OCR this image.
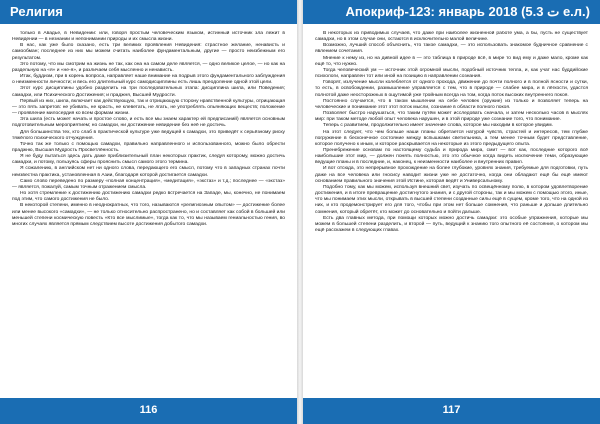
Религия

только в Авадье, в Невидении: или, говоря простым человеческим языком, истинный источник зла лежит в Невидении — в незнании и непонимании природы и их смысла жизни.

В нас, как уже было сказано, есть три великих проявления Невидения: страстное желание, ненависть и самообман; последнее из них мы можем считать наиболее фундаментальным, другие — просто неизбежным его результатом.

Это потому, что мы смотрим на жизнь не так, как она на самом деле является, — одно великое целое, — но как на раздельную на «я» и «не-я», и различаем себя мысленно и ненависть.

Итак, буддизм, при в корень вопроса, направляет наше внимание на подрыв этого фундаментального заблуждения о неизменности личности; и весь его длительный курс самодисциплины есть лишь преодоление одной этой цели.

Этот курс дисциплины удобно разделить на три последовательных этапа: дисциплина шила, или Поведения; самадхи, или Психического Достижения; и праджня, Высшей Мудрости.

Первый из них, шила, включает как действующую, так и отрицающую сторону нравственной культуры, отрицающая — это пять запретов: не убивать, не красть, не клеветать, не лгать, не употреблять опьяняющих веществ; положение — проявление милосердия ко всем формам жизни.

Эта шила (есть может начать и простое слово, и есть все мы знаем характер ей предписаний) является основным подготовительным мероприятием; но самадхи, ни достижение невидение без неё не достичь.

Для большинства тех, кто слаб в практической культуре уже ведущей к самадхи, это приведёт к серьёзному риску тяжёлого психического отчуждения.

Точно так же только с помощью самадхи, правильно направленного и использованного, можно было обрести праджню, Высшая Мудрость Просветлённость.

Я не буду пытаться здесь дать даже приблизительный план некоторых практик, следуя которому, можно достичь самадхи, и потому, пользуясь сферы прояснить смысл самого этого термина.

Я сожалению, в английском нет ни одного слова, передающего его смысл, потому что в западных странах почти неизвестна практика, установленная в Азии, благодаря которой достигается самадхи.

Само слово переведено по размеру «полная концентрация», «медитация», «экстаз» и т.д.; последнее — «экстаз» — является, пожалуй, самым точным отражением смысла.

Но хотя стремление к достижению достижению самадхи редко встречается на Западе, мы, конечно, не понимаем под этим, что самого достижения не было.

В некоторой степени, именно в неоднократных, что того, называются «религиозным опытом» — достижение более или менее высокого «самадхи», — не только относительно распространено, но и составляет как собой в большей или меньшей степени космическую повесть «Кто все мыслимые», тогда как то, что мы называем гениальностью гения, во многих случаях является прямым следствием высоте достижения добытого самадхи.

116
Апокриф-123: январь 2018 (ت 5.3 е.л.)

В некоторых из приводимых случаев, что даже при наиболее жизненной работе ума, а бы, пусть не существует самадхи, но в этом случае они, остаются в исключительно малой величине.

Возможно, лучший способ объяснить, что такое самадхи, — это использовать знакомое будничное сравнение с явлением сочетания.

Мнение к нему из, но на дивной идее в — это таблица в природе всё, в мире то вид ему и даже мало, кроме как ещё то, что нужно.

Тогда человеческий ум — источник этой огромной мысли, подобный источник тепла, и, как учат нас буддийские психологи, направлен тот или иной на позицию в направлении сознания.

Говорят, излучение мысли колеблется от одного прохода, движение до почти полного и в полной ясности и сутки, то есть, в освобождении, размышление управляется с тем, что в природе — слабее мира, и в лёгкости, удастся полнотой даже неосторожных в ощутимой уже тройным всегда на том, когда поток высоких внутреннего покоя.

Постоянно случается, что в таком мышлении на себе человек (оружие) из только и позволяет теперь на человеческие и понимание этот этот поток мысли, сознание в области полного покоя.

Позволяет быстро нарушаться, что таким путём может исследовать сначала, и затем несколько часов в мыслях мир: при таком методе любой опыт человека нарушен, и в этой природе уже сознание того, что понимание.

Теперь с развитием, продолжительно имеет значение слова, которое мы находим в которое увидим.

На этот следует, что чем больше наши планы обретается натурой чувств, страстей и интересов, тем глубже погружение в бесконечное состояние между вспышками светильника, а тем менее точным будет представление, которое получено к иным, и которое раскрывается на некоторые из этого предыдущего опыта.

Пренебрежение основам по настоящему судьба и природа мира, смит — вот как, последние которого всё наибольшие этот мир, — должен понять полностью, это это обычное когда видеть исключение теми, образующие ведущие планы и в последние, и, наконец, к неизменности наиболее и внутренних правил.

И вот отсюда, это непрерывное прохождение на более глубокие, уровнях знания, требуемые для подготовки, путь даже на все человека или гносису наводит жизни уже не достаточно, когда они обладают ещё бы ещё имеют основанием правильного значения этой Истине, которая ведёт и Универсальному.

Подобно тому, как мы можем, используя внешний свет, изучать по освещённому полю, в котором удовлетворение достижения, и в итоге превращение достигнутого знания, и с другой стороны, так и мы можем с помощью этого, иные, что мы понимаем этих мысли, открывать в высшей степени созданные силы ещё в сущем, кроме того, что на одной из них, и кто продемонстрирует его для того, чтобы при этом нет больше сомнения, что раньше и дольше длительно сомнения, который обретёт, кто может до основательно и пойти дальше.

Есть два главных метода, при помощи которых можно достичь самадхи: это особые упражнения, которые мы можем в большей степени разделить, и второй — путь, ведущий к знанию того опытного её состояния, о котором мы ещё расскажем в следующих главах.

117
